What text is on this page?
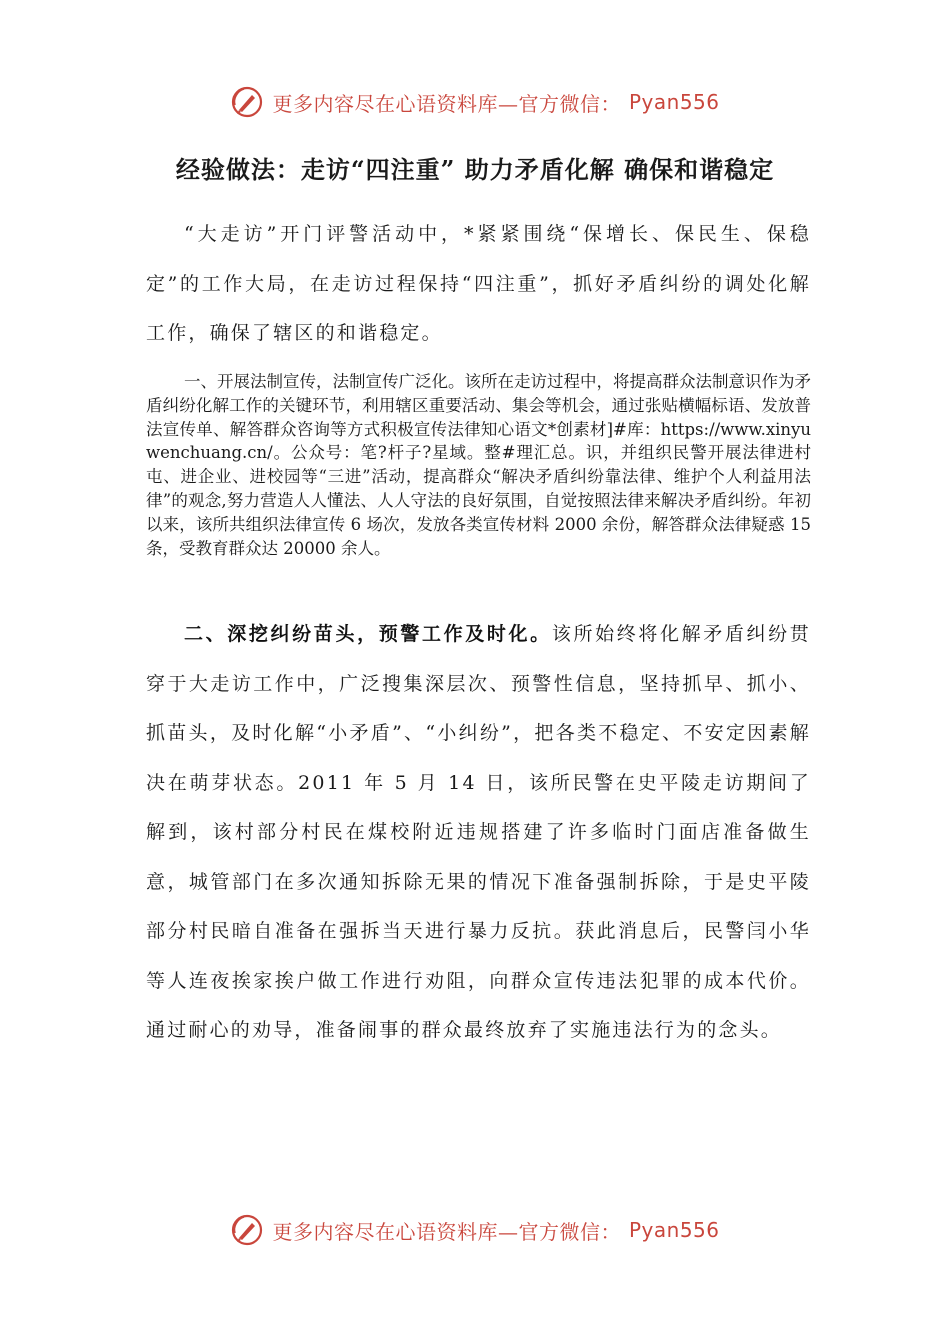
更多内容尽在心语资料库—官方微信： Pyan556
经验做法：走访“四注重” 助力矛盾化解 确保和谐稳定

“大走访”开门评警活动中，*紧紧围绕“保增长、保民生、保稳定”的工作大局，在走访过程保持“四注重”，抓好矛盾纠纷的调处化解工作，确保了辖区的和谐稳定。

一、开展法制宣传，法制宣传广泛化。该所在走访过程中，将提高群众法制意识作为矛盾纠纷化解工作的关键环节，利用辖区重要活动、集会等机会，通过张贴横幅标语、发放普法宣传单、解答群众咨询等方式积极宣传法律知心语文*创素材]#库：https://www.xinyuwenchuang.cn/。公众号：笔?杆子?星域。整#理汇总。识，并组织民警开展法律进村屯、进企业、进校园等“三进”活动，提高群众“解决矛盾纠纷靠法律、维护个人利益用法律”的观念,努力营造人人懂法、人人守法的良好氛围，自觉按照法律来解决矛盾纠纷。年初以来，该所共组织法律宣传 6 场次，发放各类宣传材料 2000 余份，解答群众法律疑惑 15 条，受教育群众达 20000 余人。

二、深挖纠纷苗头，预警工作及时化。该所始终将化解矛盾纠纷贯穿于大走访工作中，广泛搜集深层次、预警性信息，坚持抓早、抓小、抓苗头，及时化解“小矛盾”、“小纠纷”，把各类不稳定、不安定因素解决在萌芽状态。2011 年 5 月 14 日，该所民警在史平陵走访期间了解到，该村部分村民在煤校附近违规搭建了许多临时门面店准备做生意，城管部门在多次通知拆除无果的情况下准备强制拆除，于是史平陵部分村民暗自准备在强拆当天进行暴力反抗。获此消息后，民警闫小华等人连夜挨家挨户做工作进行劝阻，向群众宣传违法犯罪的成本代价。通过耐心的劝导，准备闹事的群众最终放弃了实施违法行为的念头。

更多内容尽在心语资料库—官方微信： Pyan556
